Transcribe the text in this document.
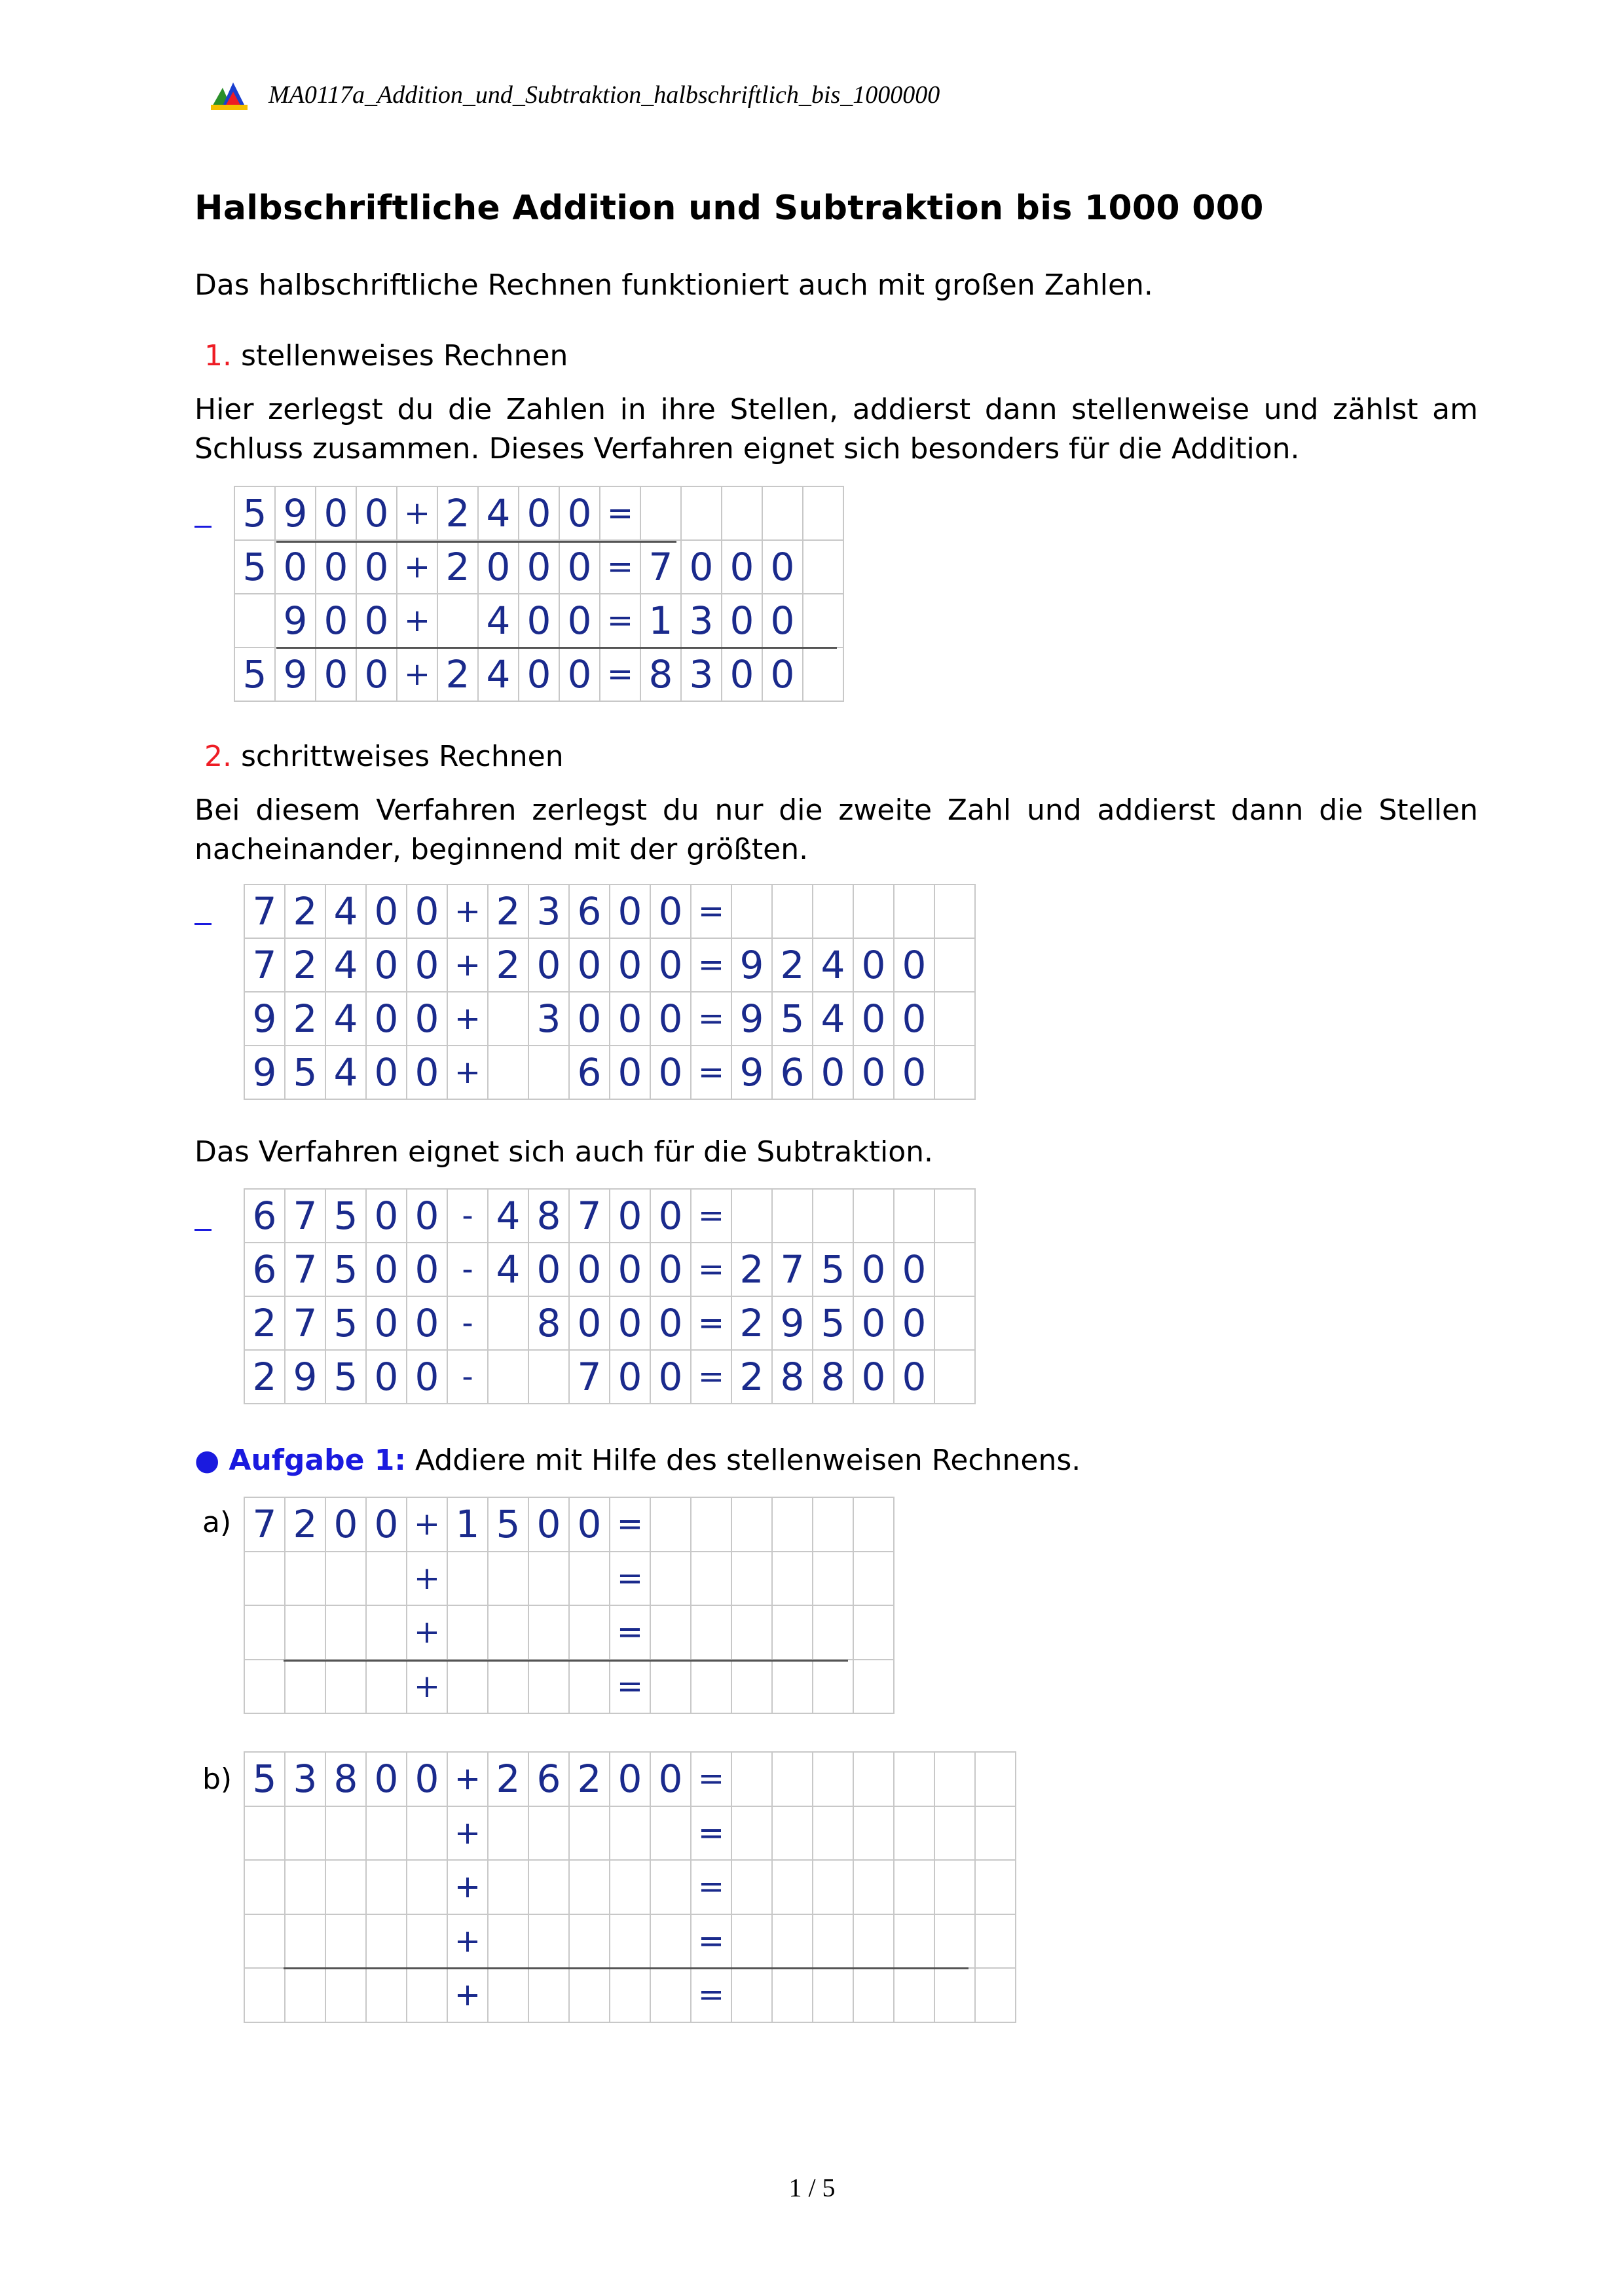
MA0117a_Addition_und_Subtraktion_halbschriftlich_bis_1000000
Halbschriftliche Addition und Subtraktion bis 1000 000
Das halbschriftliche Rechnen funktioniert auch mit großen Zahlen.
1. stellenweises Rechnen
Hier zerlegst du die Zahlen in ihre Stellen, addierst dann stellenweise und zählst am
Schluss zusammen. Dieses Verfahren eignet sich besonders für die Addition.
5	9	0	0	+	2	4	0	0	=					
5	0	0	0	+	2	0	0	0	=	7	0	0	0	
	9	0	0	+		4	0	0	=	1	3	0	0	
5	9	0	0	+	2	4	0	0	=	8	3	0	0	
2. schrittweises Rechnen
Bei diesem Verfahren zerlegst du nur die zweite Zahl und addierst dann die Stellen
nacheinander, beginnend mit der größten.
7	2	4	0	0	+	2	3	6	0	0	=						
7	2	4	0	0	+	2	0	0	0	0	=	9	2	4	0	0	
9	2	4	0	0	+		3	0	0	0	=	9	5	4	0	0	
9	5	4	0	0	+			6	0	0	=	9	6	0	0	0	
Das Verfahren eignet sich auch für die Subtraktion.
6	7	5	0	0	-	4	8	7	0	0	=						
6	7	5	0	0	-	4	0	0	0	0	=	2	7	5	0	0	
2	7	5	0	0	-		8	0	0	0	=	2	9	5	0	0	
2	9	5	0	0	-			7	0	0	=	2	8	8	0	0	
● Aufgabe 1: Addiere mit Hilfe des stellenweisen Rechnens.
a) 7	2	0	0	+	1	5	0	0	=						
				+					=						
				+					=						
				+					=						
b) 5	3	8	0	0	+	2	6	2	0	0	=							
					+						=							
					+						=							
					+						=							
					+						=							
1 / 5
